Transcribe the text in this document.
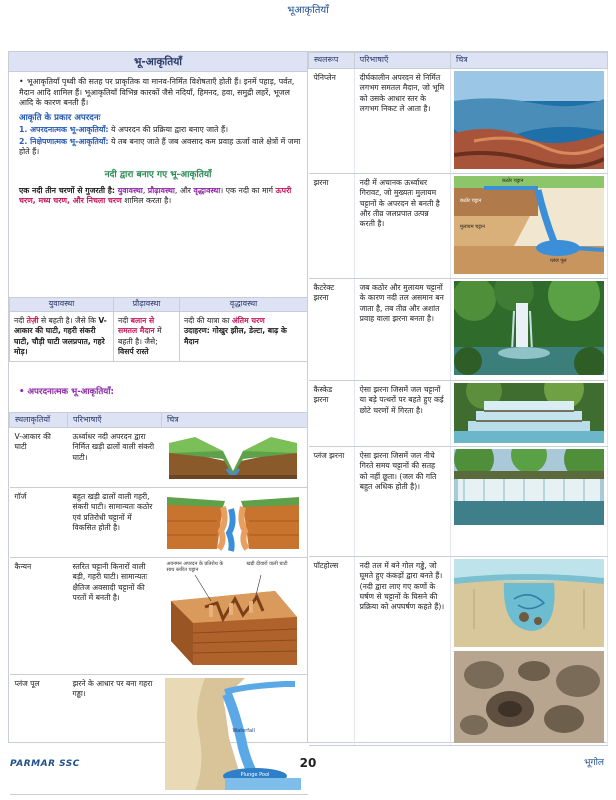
भूआकृतियाँ
भू-आकृतियाँ
• भूआकृतियाँ पृथ्वी की सतह पर प्राकृतिक या मानव-निर्मित विशेषताएँ होती हैं। इनमें पहाड़, पर्वत, मैदान आदि शामिल हैं। भूआकृतियाँ विभिन्न कारकों जैसे नदियाँ, हिमनद, हवा, समुद्री लहरें, भूजल आदि के कारण बनती हैं।
आकृति के प्रकार अपरदनः
1. अपरदनात्मक भू-आकृतियाँ: ये अपरदन की प्रक्रिया द्वारा बनाए जाते हैं।
2. निक्षेपणात्मक भू-आकृतियाँ: ये तब बनाए जाते हैं जब अवसाद कम प्रवाह ऊर्जा वाले क्षेत्रों में जमा होते हैं।
नदी द्वारा बनाए गए भू-आकृतियाँ
एक नदी तीन चरणों से गुजरती है: युवावस्था, प्रौढ़ावस्था, और वृद्धावस्था। एक नदी का मार्ग ऊपरी चरण, मध्य चरण, और निचला चरण शामिल करता है।
युवावस्था	प्रौढ़ावस्था	वृद्धावस्था
नदी तेज़ी से बहती है। जैसे कि V-आकार की घाटी, गहरी संकरी घाटी, चौड़ी घाटी जलप्रपात, गहरे मोड़।	नदी बलान से समतल मैदान में बहती है। जैसे; विसर्प रास्ते	नदी की यात्रा का अंतिम चरण
उदाहरण: गोखुर झील, डेल्टा, बाढ़ के मैदान
• अपरदनात्मक भू-आकृतियाँ:
स्थलाकृतियाँ	परिभाषाएँ	चित्र
V-आकार की घाटी	ऊर्ध्वाधर नदी अपरदन द्वारा निर्मित खड़ी ढालों वाली संकरी घाटी।	

गॉर्ज	बहुत खड़ी ढालों वाली गहरी, संकरी घाटी। सामान्यतः कठोर एवं प्रतिरोधी चट्टानों में विकसित होती है।	

कैन्यन	स्तरित चट्टानी किनारों वाली बड़ी, गहरी घाटी। सामान्यतः क्षैतिज अवसादी चट्टानों की परतों में बनती है।	अवनमन अपरदन के प्रतिरोध के साथ स्तरित चट्टान
खड़ी दीवारों वाली घाटी

प्लंज पूल	झरने के आधार पर बना गहरा गड्ढा।	Waterfall
Plunge Pool
स्थलरूप	परिभाषाएँ	चित्र
पेनिप्लेन	दीर्घकालीन अपरदन से निर्मित लगभग समतल मैदान, जो भूमि को उसके आधार स्तर के लगभग निकट ले आता है।	

झरना	नदी में अचानक ऊर्ध्वाधर गिरावट, जो मुख्यतः मुलायम चट्टानों के अपरदन से बनती है और तीव्र जलप्रपात उत्पन्न करती है।	कठोर चट्टान
मुलायम चट्टान
कठोर चट्टान
प्लंज पूल

कैटरेक्ट झरना	जब कठोर और मुलायम चट्टानों के कारण नदी तल असमान बन जाता है, तब तीव्र और अशांत प्रवाह वाला झरना बनता है।	

कैस्केड झरना	ऐसा झरना जिसमें जल चट्टानों या बड़े पत्थरों पर बहते हुए कई छोटे चरणों में गिरता है।	

प्लंज झरना	ऐसा झरना जिसमें जल नीचे गिरते समय चट्टानों की सतह को नहीं छूता। (जल की गति बहुत अधिक होती है)।	

पॉटहोल्स	नदी तल में बने गोल गड्ढे, जो घूमते हुए कंकड़ों द्वारा बनते हैं। (नदी द्वारा लाए गए कणों के घर्षण से चट्टानों के घिसने की प्रक्रिया को अपघर्षण कहते हैं)।	
PARMAR SSC	20	भूगोल
